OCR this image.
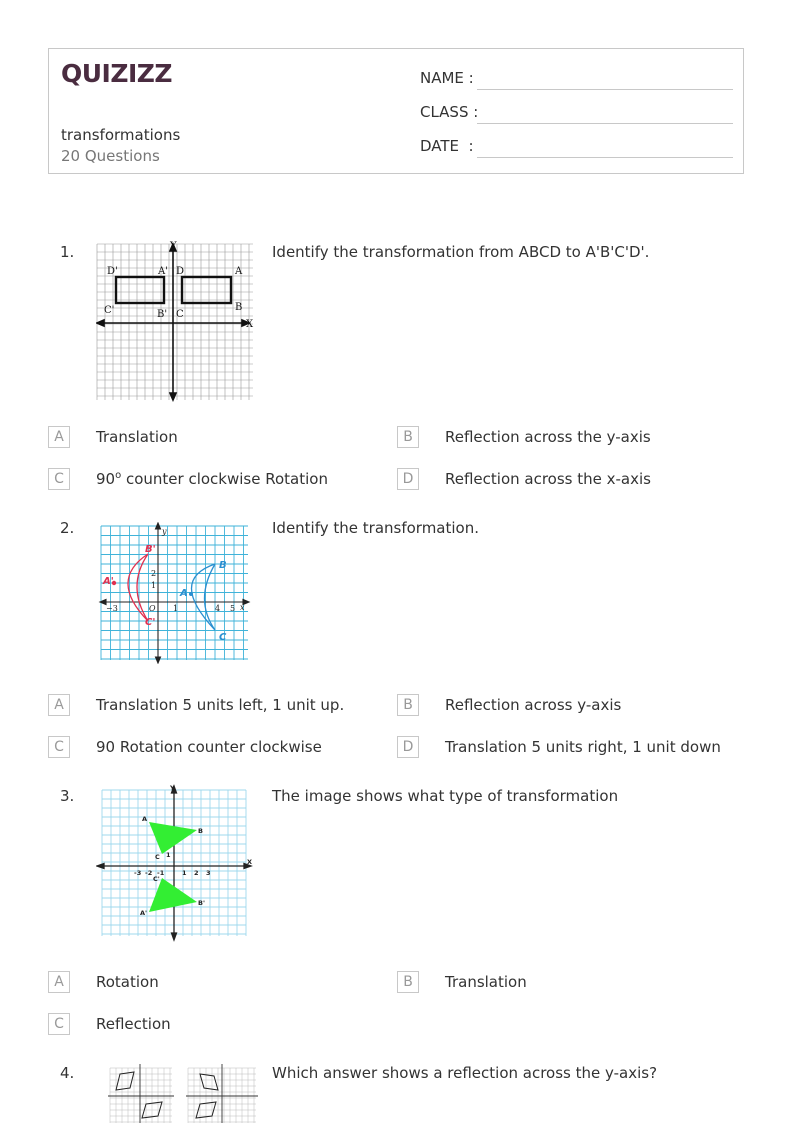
QUIZIZZ
transformations
20 Questions
NAME :
CLASS :
DATE  :
1.	Identify the transformation from ABCD to A'B'C'D'.
Y
X
D'	A' D	A
C'	B' C
B
A	Translation	B	Reflection across the y-axis
C	90$^o$ counter clockwise Rotation	D	Reflection across the x-axis
2.	Identify the transformation.
B'
A'
C'
B
A
C
y
x
2
1
−3	O 1	4 5
A	Translation 5 units left, 1 unit up.	B	Reflection across y-axis
C	90 Rotation counter clockwise	D	Translation 5 units right, 1 unit down
3.	The image shows what type of transformation
Y
X
A
B
C 1
A'
B'
C'
-3 -2 -1	1 2 3
A	Rotation	B	Translation
C	Reflection
4.	Which answer shows a reflection across the y-axis?
